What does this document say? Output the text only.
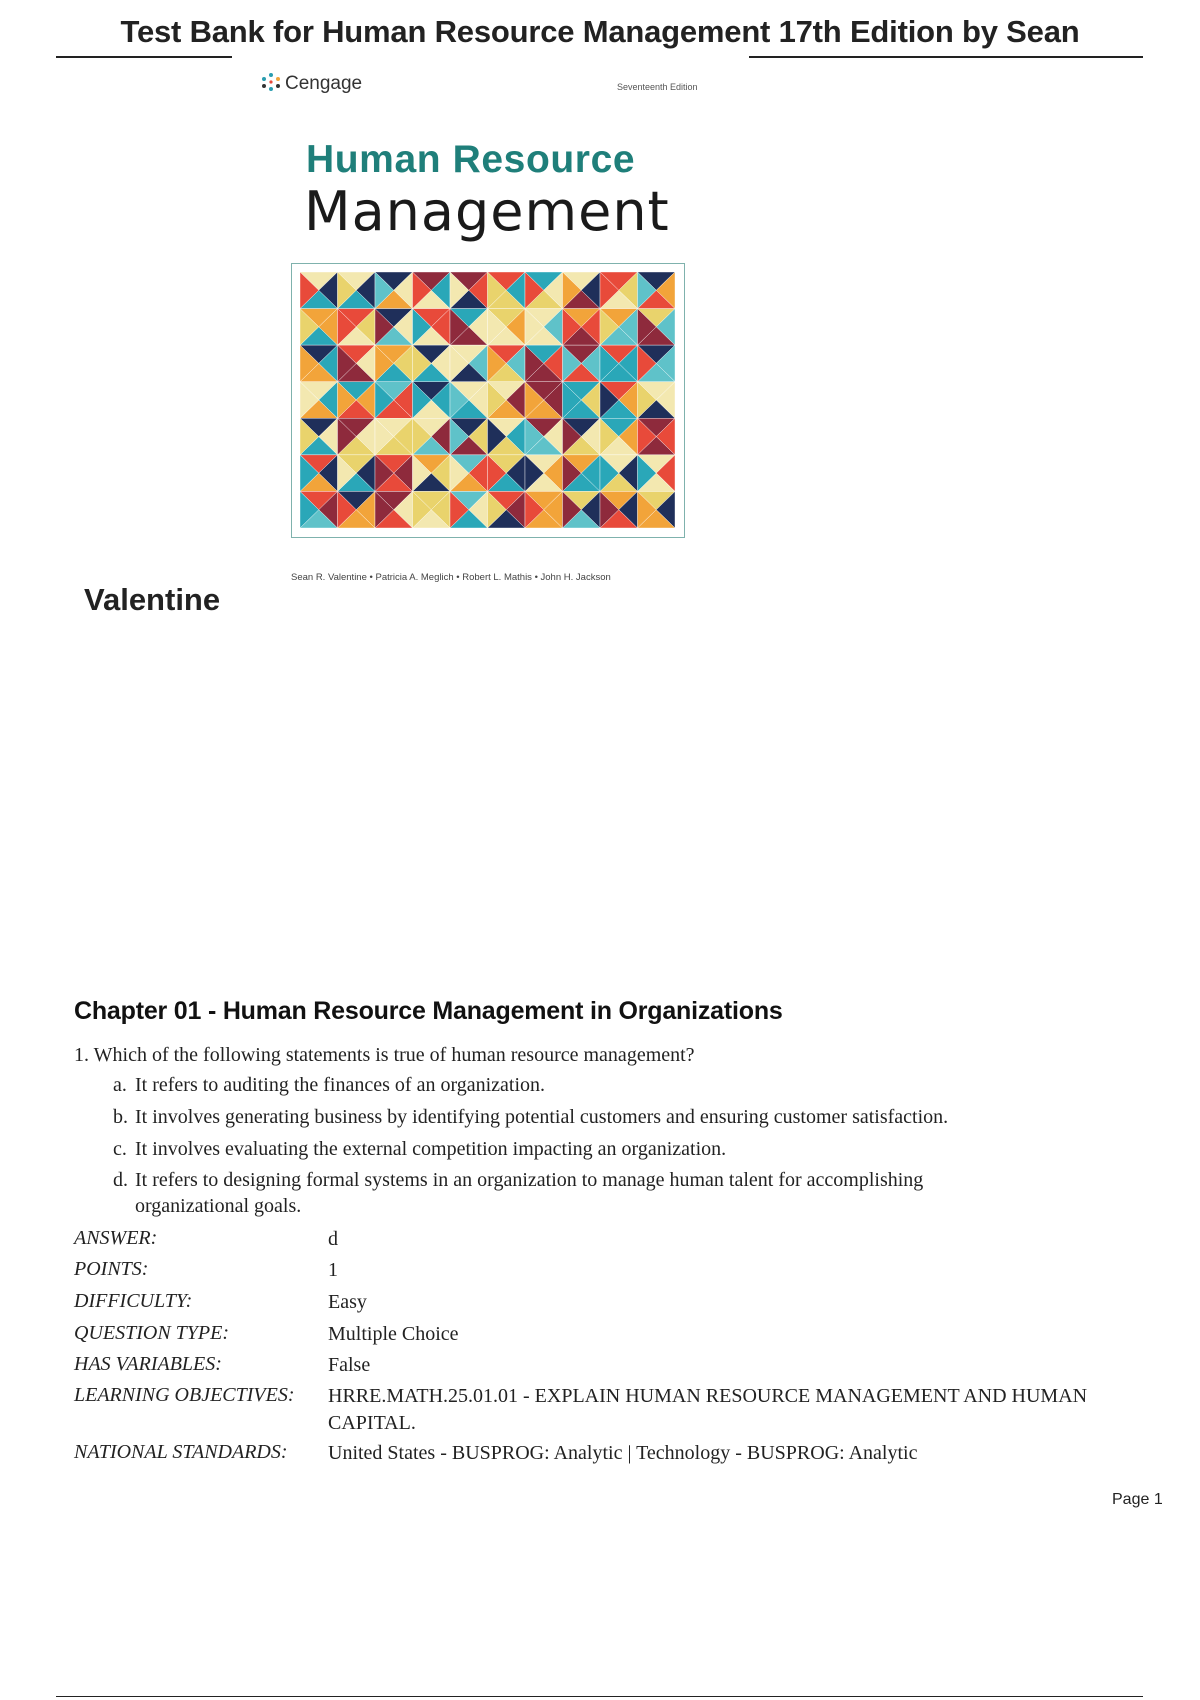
Test Bank for Human Resource Management 17th Edition by Sean
Cengage	Seventeenth Edition
Human Resource
Management
Sean R. Valentine • Patricia A. Meglich • Robert L. Mathis • John H. Jackson
Valentine
Chapter 01 - Human Resource Management in Organizations
1. Which of the following statements is true of human resource management?
a. It refers to auditing the finances of an organization.
b. It involves generating business by identifying potential customers and ensuring customer satisfaction.
c. It involves evaluating the external competition impacting an organization.
d. It refers to designing formal systems in an organization to manage human talent for accomplishing organizational goals.
ANSWER:	d
POINTS:	1
DIFFICULTY:	Easy
QUESTION TYPE:	Multiple Choice
HAS VARIABLES:	False
LEARNING OBJECTIVES: HRRE.MATH.25.01.01 - EXPLAIN HUMAN RESOURCE MANAGEMENT AND HUMAN CAPITAL.
NATIONAL STANDARDS: United States - BUSPROG: Analytic | Technology - BUSPROG: Analytic
Page 1
